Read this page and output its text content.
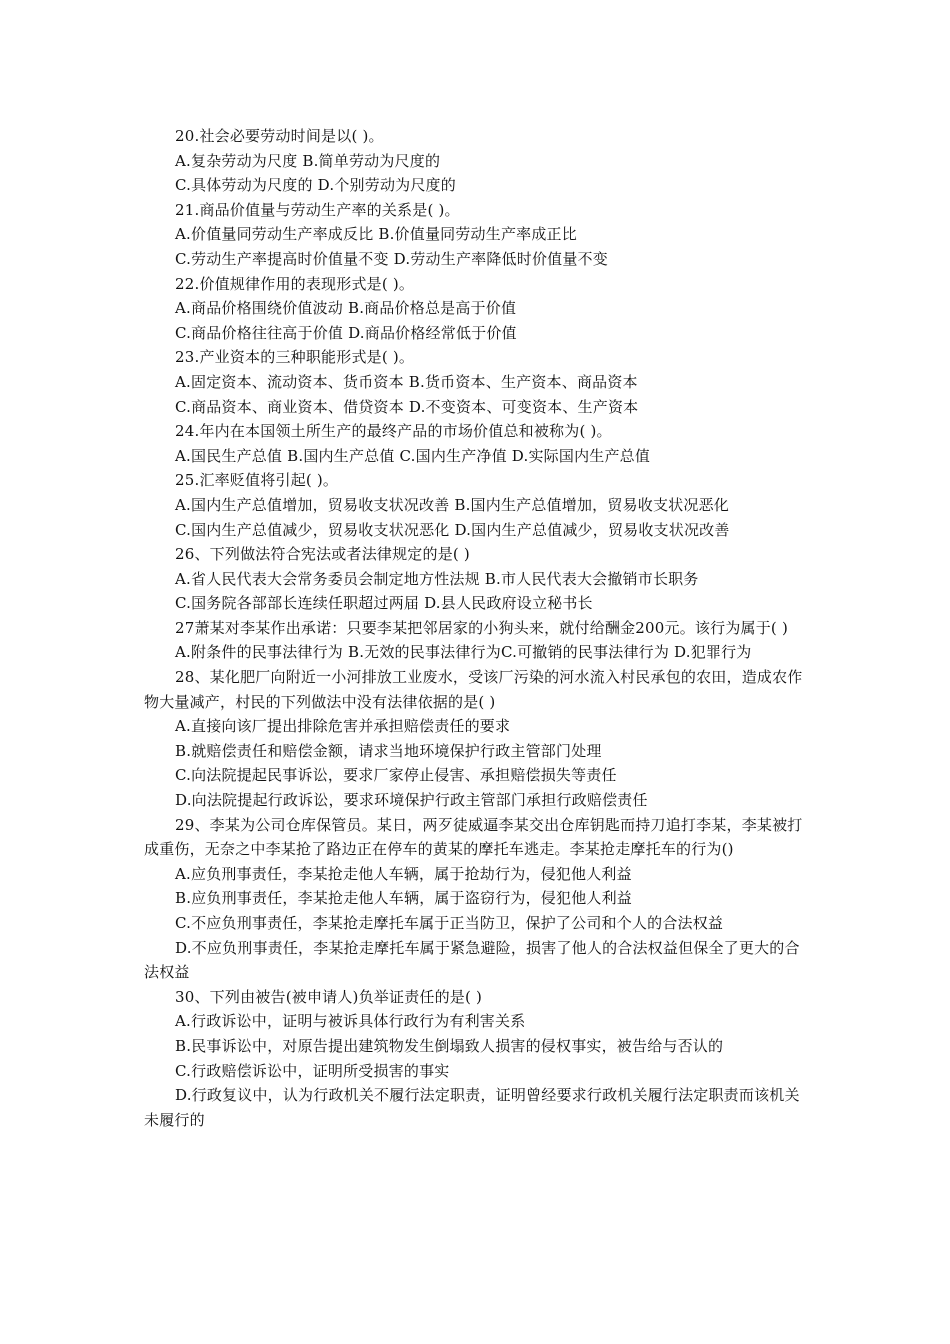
20.社会必要劳动时间是以( )。
A.复杂劳动为尺度 B.简单劳动为尺度的
C.具体劳动为尺度的 D.个别劳动为尺度的
21.商品价值量与劳动生产率的关系是( )。
A.价值量同劳动生产率成反比 B.价值量同劳动生产率成正比
C.劳动生产率提高时价值量不变 D.劳动生产率降低时价值量不变
22.价值规律作用的表现形式是( )。
A.商品价格围绕价值波动 B.商品价格总是高于价值
C.商品价格往往高于价值 D.商品价格经常低于价值
23.产业资本的三种职能形式是( )。
A.固定资本、流动资本、货币资本 B.货币资本、生产资本、商品资本
C.商品资本、商业资本、借贷资本 D.不变资本、可变资本、生产资本
24.年内在本国领土所生产的最终产品的市场价值总和被称为( )。
A.国民生产总值 B.国内生产总值 C.国内生产净值 D.实际国内生产总值
25.汇率贬值将引起( )。
A.国内生产总值增加，贸易收支状况改善 B.国内生产总值增加，贸易收支状况恶化
C.国内生产总值减少，贸易收支状况恶化 D.国内生产总值减少，贸易收支状况改善
26、下列做法符合宪法或者法律规定的是( )
A.省人民代表大会常务委员会制定地方性法规 B.市人民代表大会撤销市长职务
C.国务院各部部长连续任职超过两届 D.县人民政府设立秘书长
27萧某对李某作出承诺：只要李某把邻居家的小狗头来，就付给酬金200元。该行为属于( )
A.附条件的民事法律行为 B.无效的民事法律行为C.可撤销的民事法律行为 D.犯罪行为
28、某化肥厂向附近一小河排放工业废水，受该厂污染的河水流入村民承包的农田，造成农作物大量减产，村民的下列做法中没有法律依据的是( )
A.直接向该厂提出排除危害并承担赔偿责任的要求
B.就赔偿责任和赔偿金额，请求当地环境保护行政主管部门处理
C.向法院提起民事诉讼，要求厂家停止侵害、承担赔偿损失等责任
D.向法院提起行政诉讼，要求环境保护行政主管部门承担行政赔偿责任
29、李某为公司仓库保管员。某日，两歹徒威逼李某交出仓库钥匙而持刀追打李某，李某被打成重伤，无奈之中李某抢了路边正在停车的黄某的摩托车逃走。李某抢走摩托车的行为()
A.应负刑事责任，李某抢走他人车辆，属于抢劫行为，侵犯他人利益
B.应负刑事责任，李某抢走他人车辆，属于盗窃行为，侵犯他人利益
C.不应负刑事责任，李某抢走摩托车属于正当防卫，保护了公司和个人的合法权益
D.不应负刑事责任，李某抢走摩托车属于紧急避险，损害了他人的合法权益但保全了更大的合法权益
30、下列由被告(被申请人)负举证责任的是( )
A.行政诉讼中，证明与被诉具体行政行为有利害关系
B.民事诉讼中，对原告提出建筑物发生倒塌致人损害的侵权事实，被告给与否认的
C.行政赔偿诉讼中，证明所受损害的事实
D.行政复议中，认为行政机关不履行法定职责，证明曾经要求行政机关履行法定职责而该机关未履行的
